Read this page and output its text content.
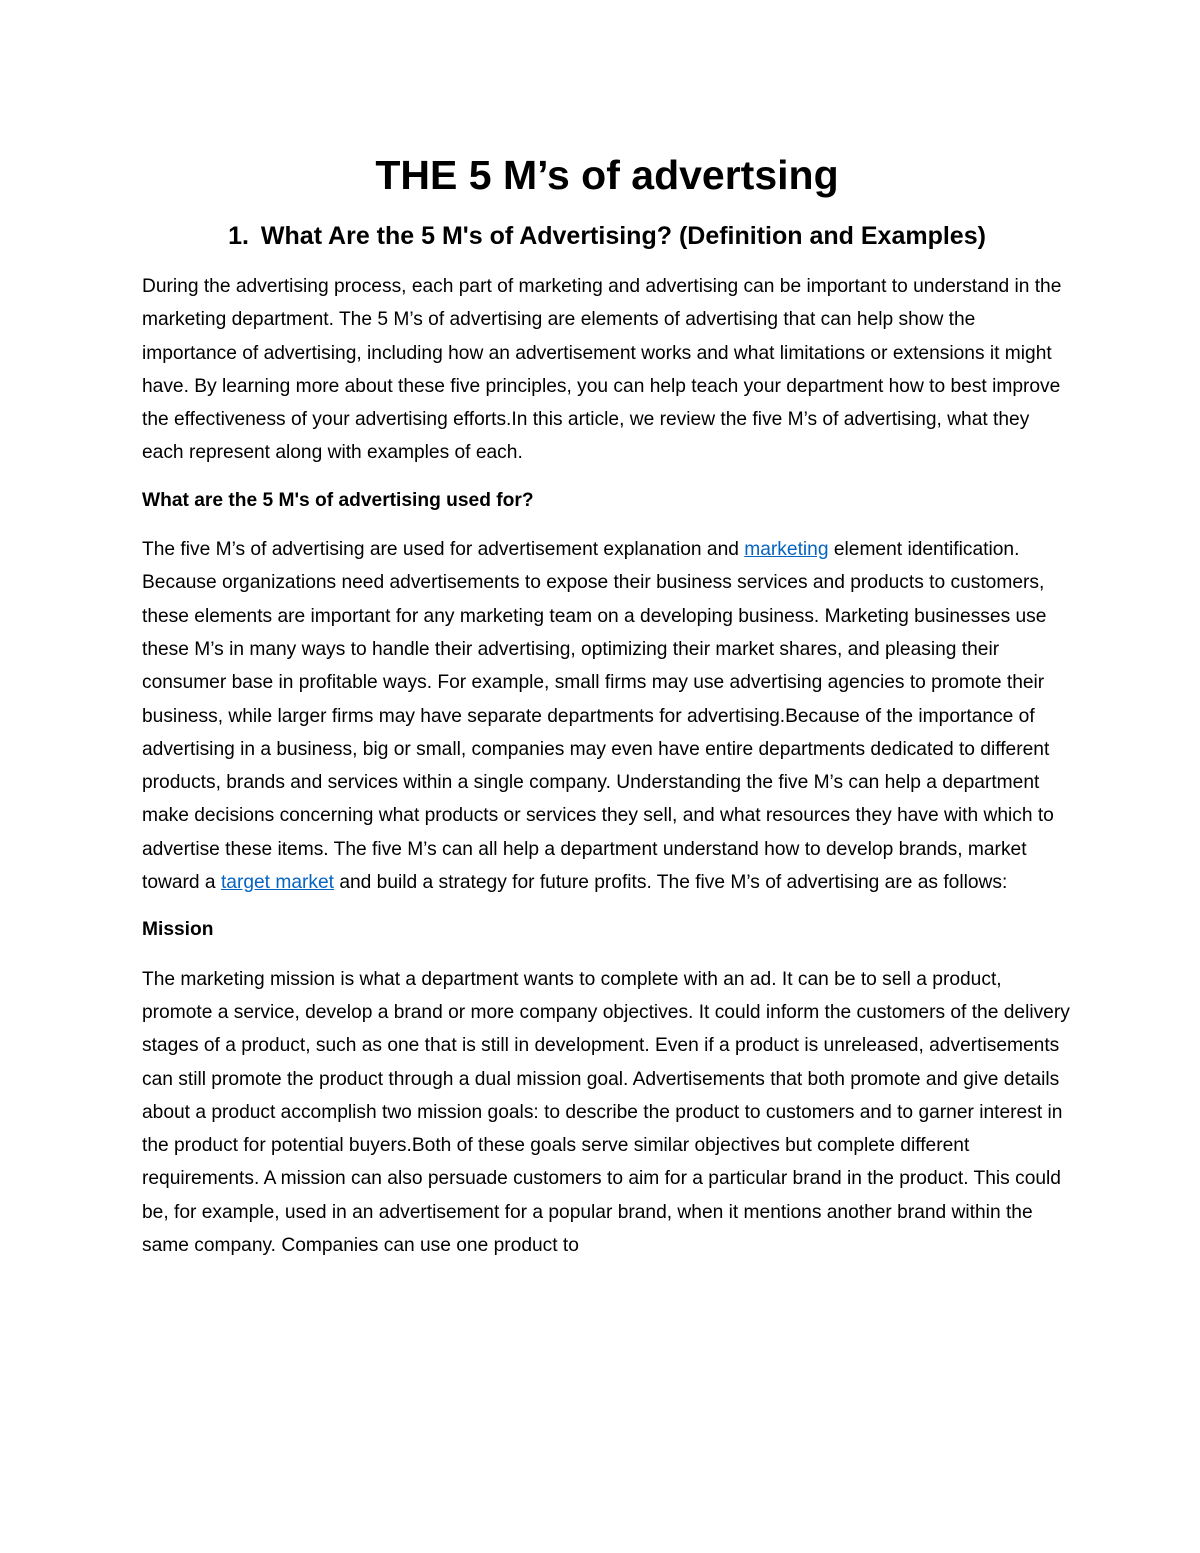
THE 5 M’s of advertsing
1. What Are the 5 M's of Advertising? (Definition and Examples)

During the advertising process, each part of marketing and advertising can be important to understand in the marketing department. The 5 M’s of advertising are elements of advertising that can help show the importance of advertising, including how an advertisement works and what limitations or extensions it might have. By learning more about these five principles, you can help teach your department how to best improve the effectiveness of your advertising efforts.In this article, we review the five M’s of advertising, what they each represent along with examples of each.

What are the 5 M's of advertising used for?

The five M’s of advertising are used for advertisement explanation and marketing element identification. Because organizations need advertisements to expose their business services and products to customers, these elements are important for any marketing team on a developing business. Marketing businesses use these M’s in many ways to handle their advertising, optimizing their market shares, and pleasing their consumer base in profitable ways. For example, small firms may use advertising agencies to promote their business, while larger firms may have separate departments for advertising.Because of the importance of advertising in a business, big or small, companies may even have entire departments dedicated to different products, brands and services within a single company. Understanding the five M’s can help a department make decisions concerning what products or services they sell, and what resources they have with which to advertise these items. The five M’s can all help a department understand how to develop brands, market toward a target market and build a strategy for future profits. The five M’s of advertising are as follows:

Mission

The marketing mission is what a department wants to complete with an ad. It can be to sell a product, promote a service, develop a brand or more company objectives. It could inform the customers of the delivery stages of a product, such as one that is still in development. Even if a product is unreleased, advertisements can still promote the product through a dual mission goal. Advertisements that both promote and give details about a product accomplish two mission goals: to describe the product to customers and to garner interest in the product for potential buyers.Both of these goals serve similar objectives but complete different requirements. A mission can also persuade customers to aim for a particular brand in the product. This could be, for example, used in an advertisement for a popular brand, when it mentions another brand within the same company. Companies can use one product to
